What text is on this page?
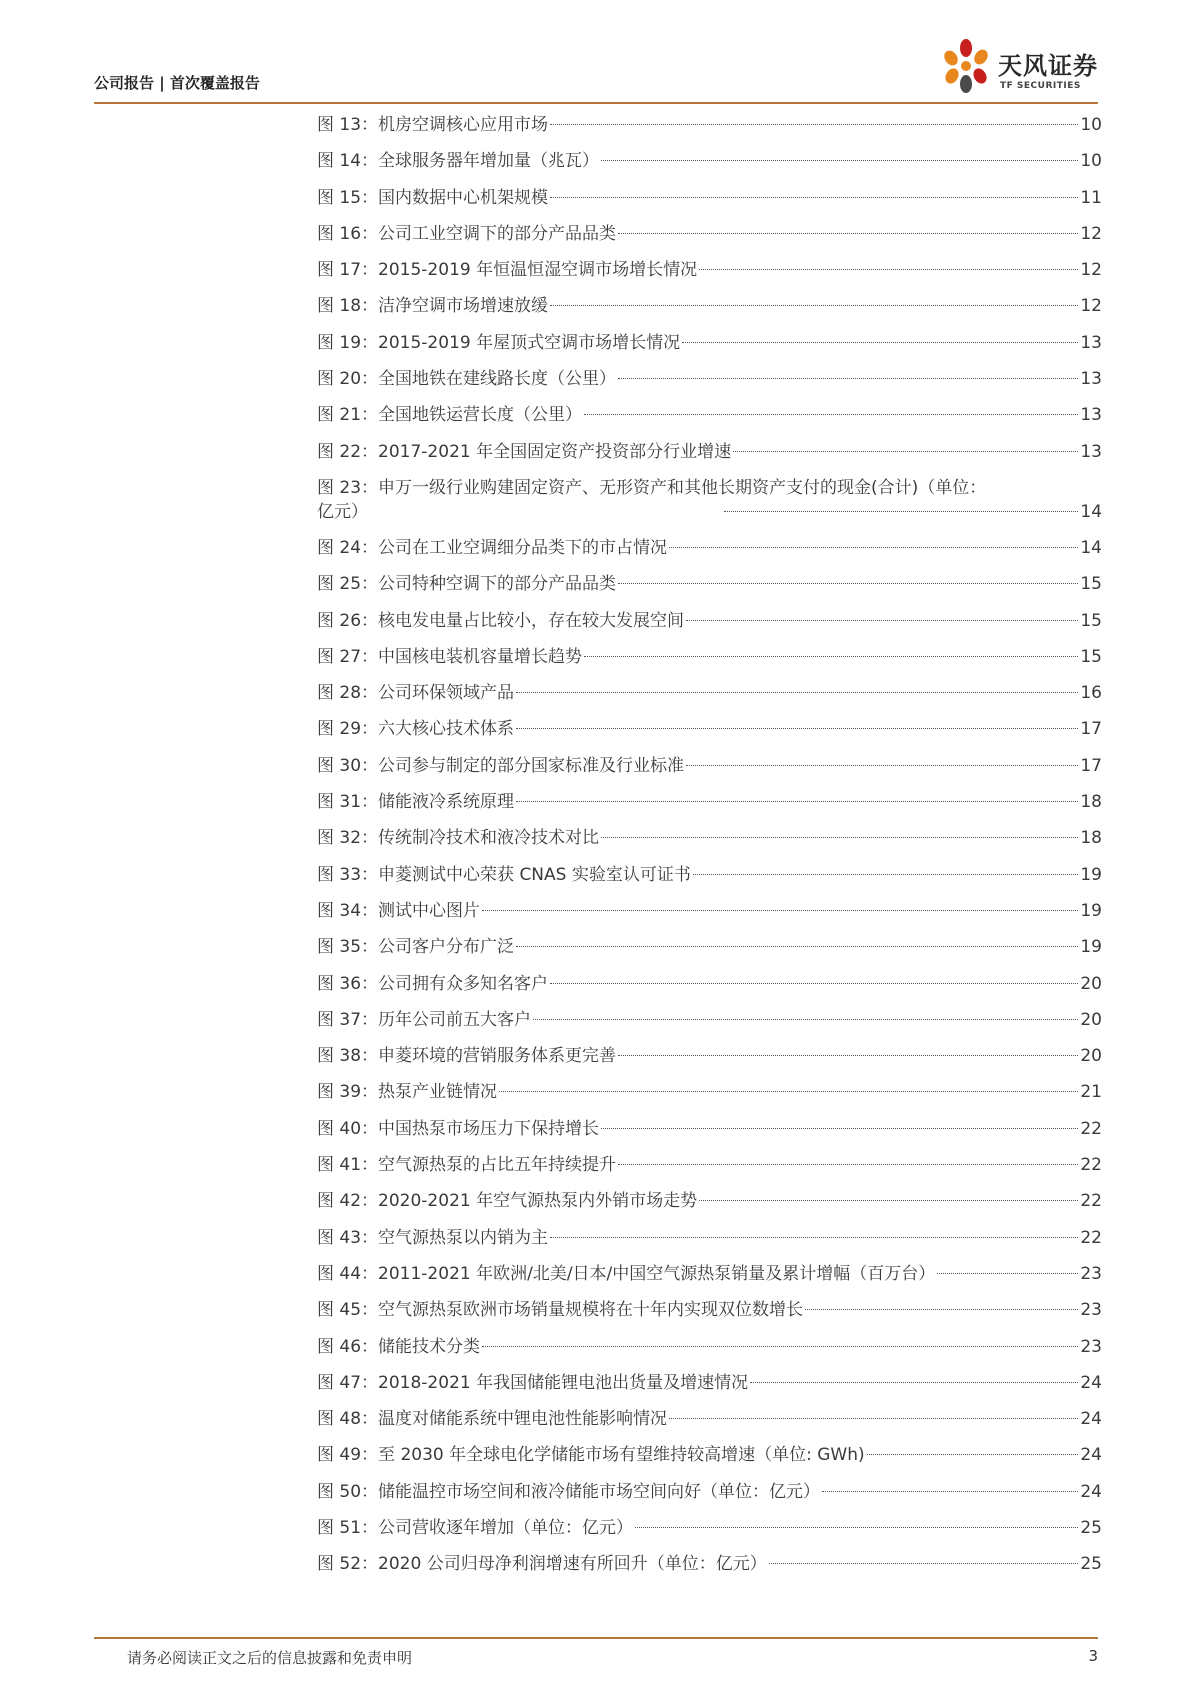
公司报告 | 首次覆盖报告
天风证券
TF SECURITIES
图 13：机房空调核心应用市场	10
图 14：全球服务器年增加量（兆瓦）	10
图 15：国内数据中心机架规模	11
图 16：公司工业空调下的部分产品品类	12
图 17：2015-2019 年恒温恒湿空调市场增长情况	12
图 18：洁净空调市场增速放缓	12
图 19：2015-2019 年屋顶式空调市场增长情况	13
图 20：全国地铁在建线路长度（公里）	13
图 21：全国地铁运营长度（公里）	13
图 22：2017-2021 年全国固定资产投资部分行业增速	13
图 23：申万一级行业购建固定资产、无形资产和其他长期资产支付的现金(合计)（单位：
亿元）	14
图 24：公司在工业空调细分品类下的市占情况	14
图 25：公司特种空调下的部分产品品类	15
图 26：核电发电量占比较小，存在较大发展空间	15
图 27：中国核电装机容量增长趋势	15
图 28：公司环保领域产品	16
图 29：六大核心技术体系	17
图 30：公司参与制定的部分国家标准及行业标准	17
图 31：储能液冷系统原理	18
图 32：传统制冷技术和液冷技术对比	18
图 33：申菱测试中心荣获 CNAS 实验室认可证书	19
图 34：测试中心图片	19
图 35：公司客户分布广泛	19
图 36：公司拥有众多知名客户	20
图 37：历年公司前五大客户	20
图 38：申菱环境的营销服务体系更完善	20
图 39：热泵产业链情况	21
图 40：中国热泵市场压力下保持增长	22
图 41：空气源热泵的占比五年持续提升	22
图 42：2020-2021 年空气源热泵内外销市场走势	22
图 43：空气源热泵以内销为主	22
图 44：2011-2021 年欧洲/北美/日本/中国空气源热泵销量及累计增幅（百万台）	23
图 45：空气源热泵欧洲市场销量规模将在十年内实现双位数增长	23
图 46：储能技术分类	23
图 47：2018-2021 年我国储能锂电池出货量及增速情况	24
图 48：温度对储能系统中锂电池性能影响情况	24
图 49：至 2030 年全球电化学储能市场有望维持较高增速（单位: GWh)	24
图 50：储能温控市场空间和液冷储能市场空间向好（单位：亿元）	24
图 51：公司营收逐年增加（单位：亿元）	25
图 52：2020 公司归母净利润增速有所回升（单位：亿元）	25
请务必阅读正文之后的信息披露和免责申明	3
